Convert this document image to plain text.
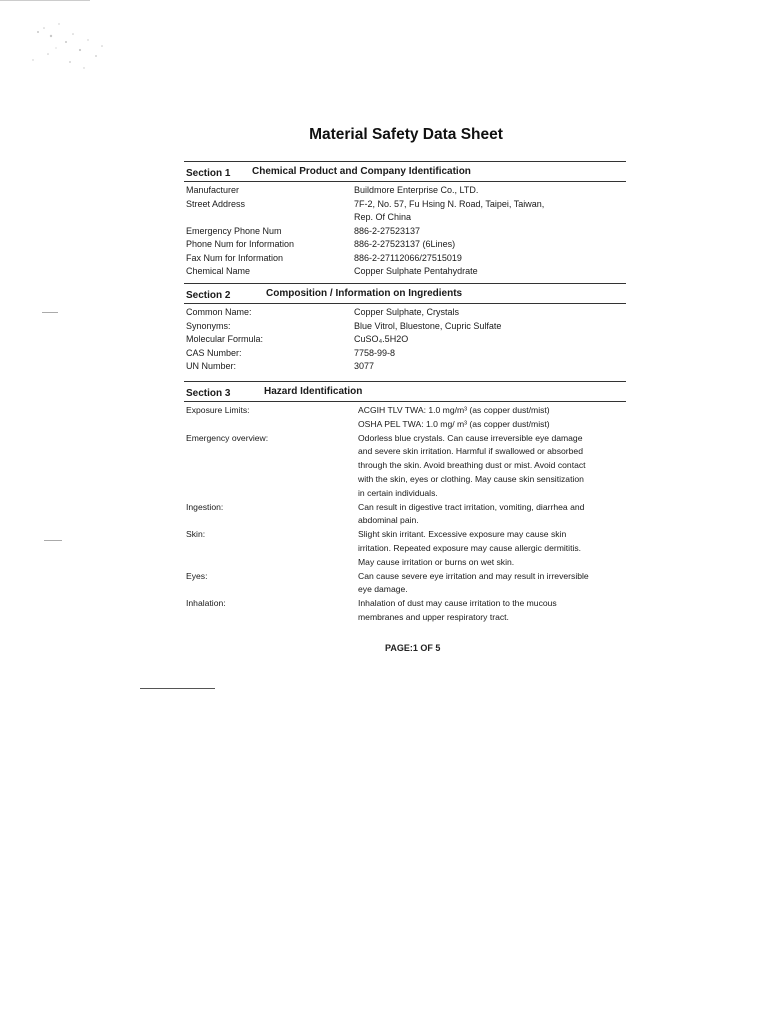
Material Safety Data Sheet
Section 1 Chemical Product and Company Identification
Manufacturer	Buildmore Enterprise Co., LTD.
Street Address	7F-2, No. 57, Fu Hsing N. Road, Taipei, Taiwan,
Rep. Of China
Emergency Phone Num	886-2-27523137
Phone Num for Information	886-2-27523137 (6Lines)
Fax Num for Information	886-2-27112066/27515019
Chemical Name	Copper Sulphate Pentahydrate
Section 2	Composition / Information on Ingredients
Common Name:	Copper Sulphate, Crystals
Synonyms:	Blue Vitrol, Bluestone, Cupric Sulfate
Molecular Formula:	CuSO₄.5H2O
CAS Number:	7758-99-8
UN Number:	3077
Section 3	Hazard Identification
Exposure Limits:	ACGIH TLV TWA: 1.0 mg/m³ (as copper dust/mist)
OSHA PEL TWA: 1.0 mg/ m³ (as copper dust/mist)
Emergency overview:	Odorless blue crystals. Can cause irreversible eye damage
and severe skin irritation. Harmful if swallowed or absorbed
through the skin. Avoid breathing dust or mist. Avoid contact
with the skin, eyes or clothing. May cause skin sensitization
in certain individuals.
Ingestion:	Can result in digestive tract irritation, vomiting, diarrhea and
abdominal pain.
Skin:	Slight skin irritant. Excessive exposure may cause skin
irritation. Repeated exposure may cause allergic dermititis.
May cause irritation or burns on wet skin.
Eyes:	Can cause severe eye irritation and may result in irreversible
eye damage.
Inhalation:	Inhalation of dust may cause irritation to the mucous
membranes and upper respiratory tract.
PAGE:1 OF 5
